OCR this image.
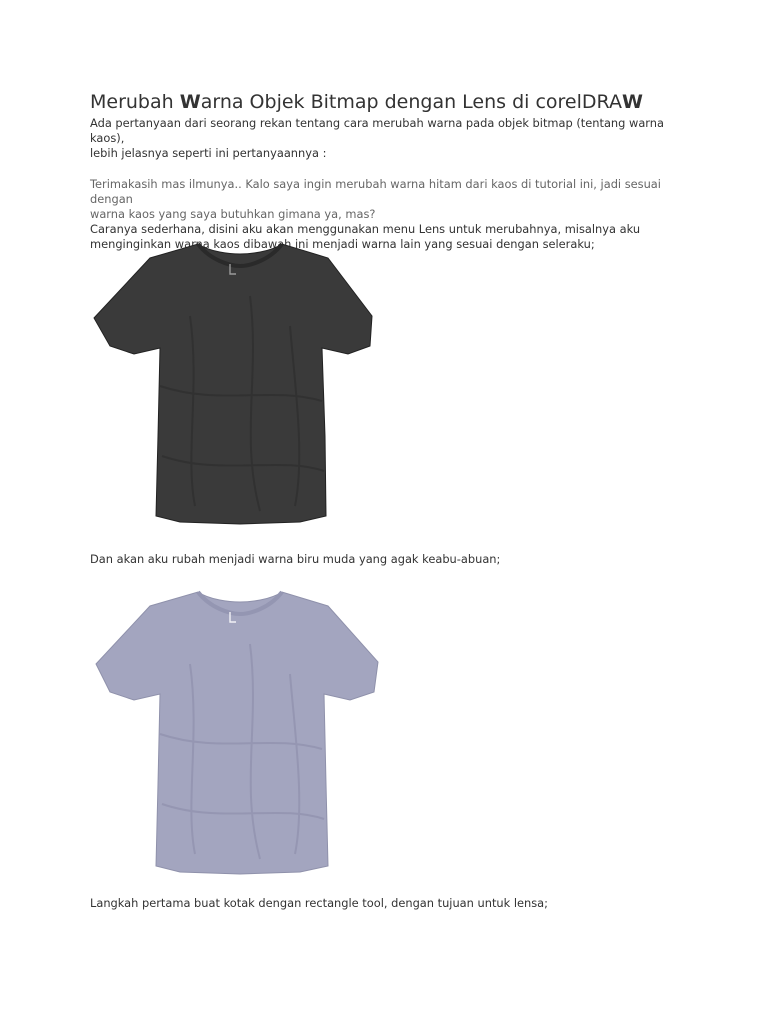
Merubah Warna Objek Bitmap dengan Lens di corelDRAW

Ada pertanyaan dari seorang rekan tentang cara merubah warna pada objek bitmap (tentang warna kaos),

lebih jelasnya seperti ini pertanyaannya :

Terimakasih mas ilmunya.. Kalo saya ingin merubah warna hitam dari kaos di tutorial ini, jadi sesuai dengan

warna kaos yang saya butuhkan gimana ya, mas?

Caranya sederhana, disini aku akan menggunakan menu Lens untuk merubahnya, misalnya aku

menginginkan warna kaos dibawah ini menjadi warna lain yang sesuai dengan seleraku;

Dan akan aku rubah menjadi warna biru muda yang agak keabu-abuan;

Langkah pertama buat kotak dengan rectangle tool, dengan tujuan untuk lensa;
